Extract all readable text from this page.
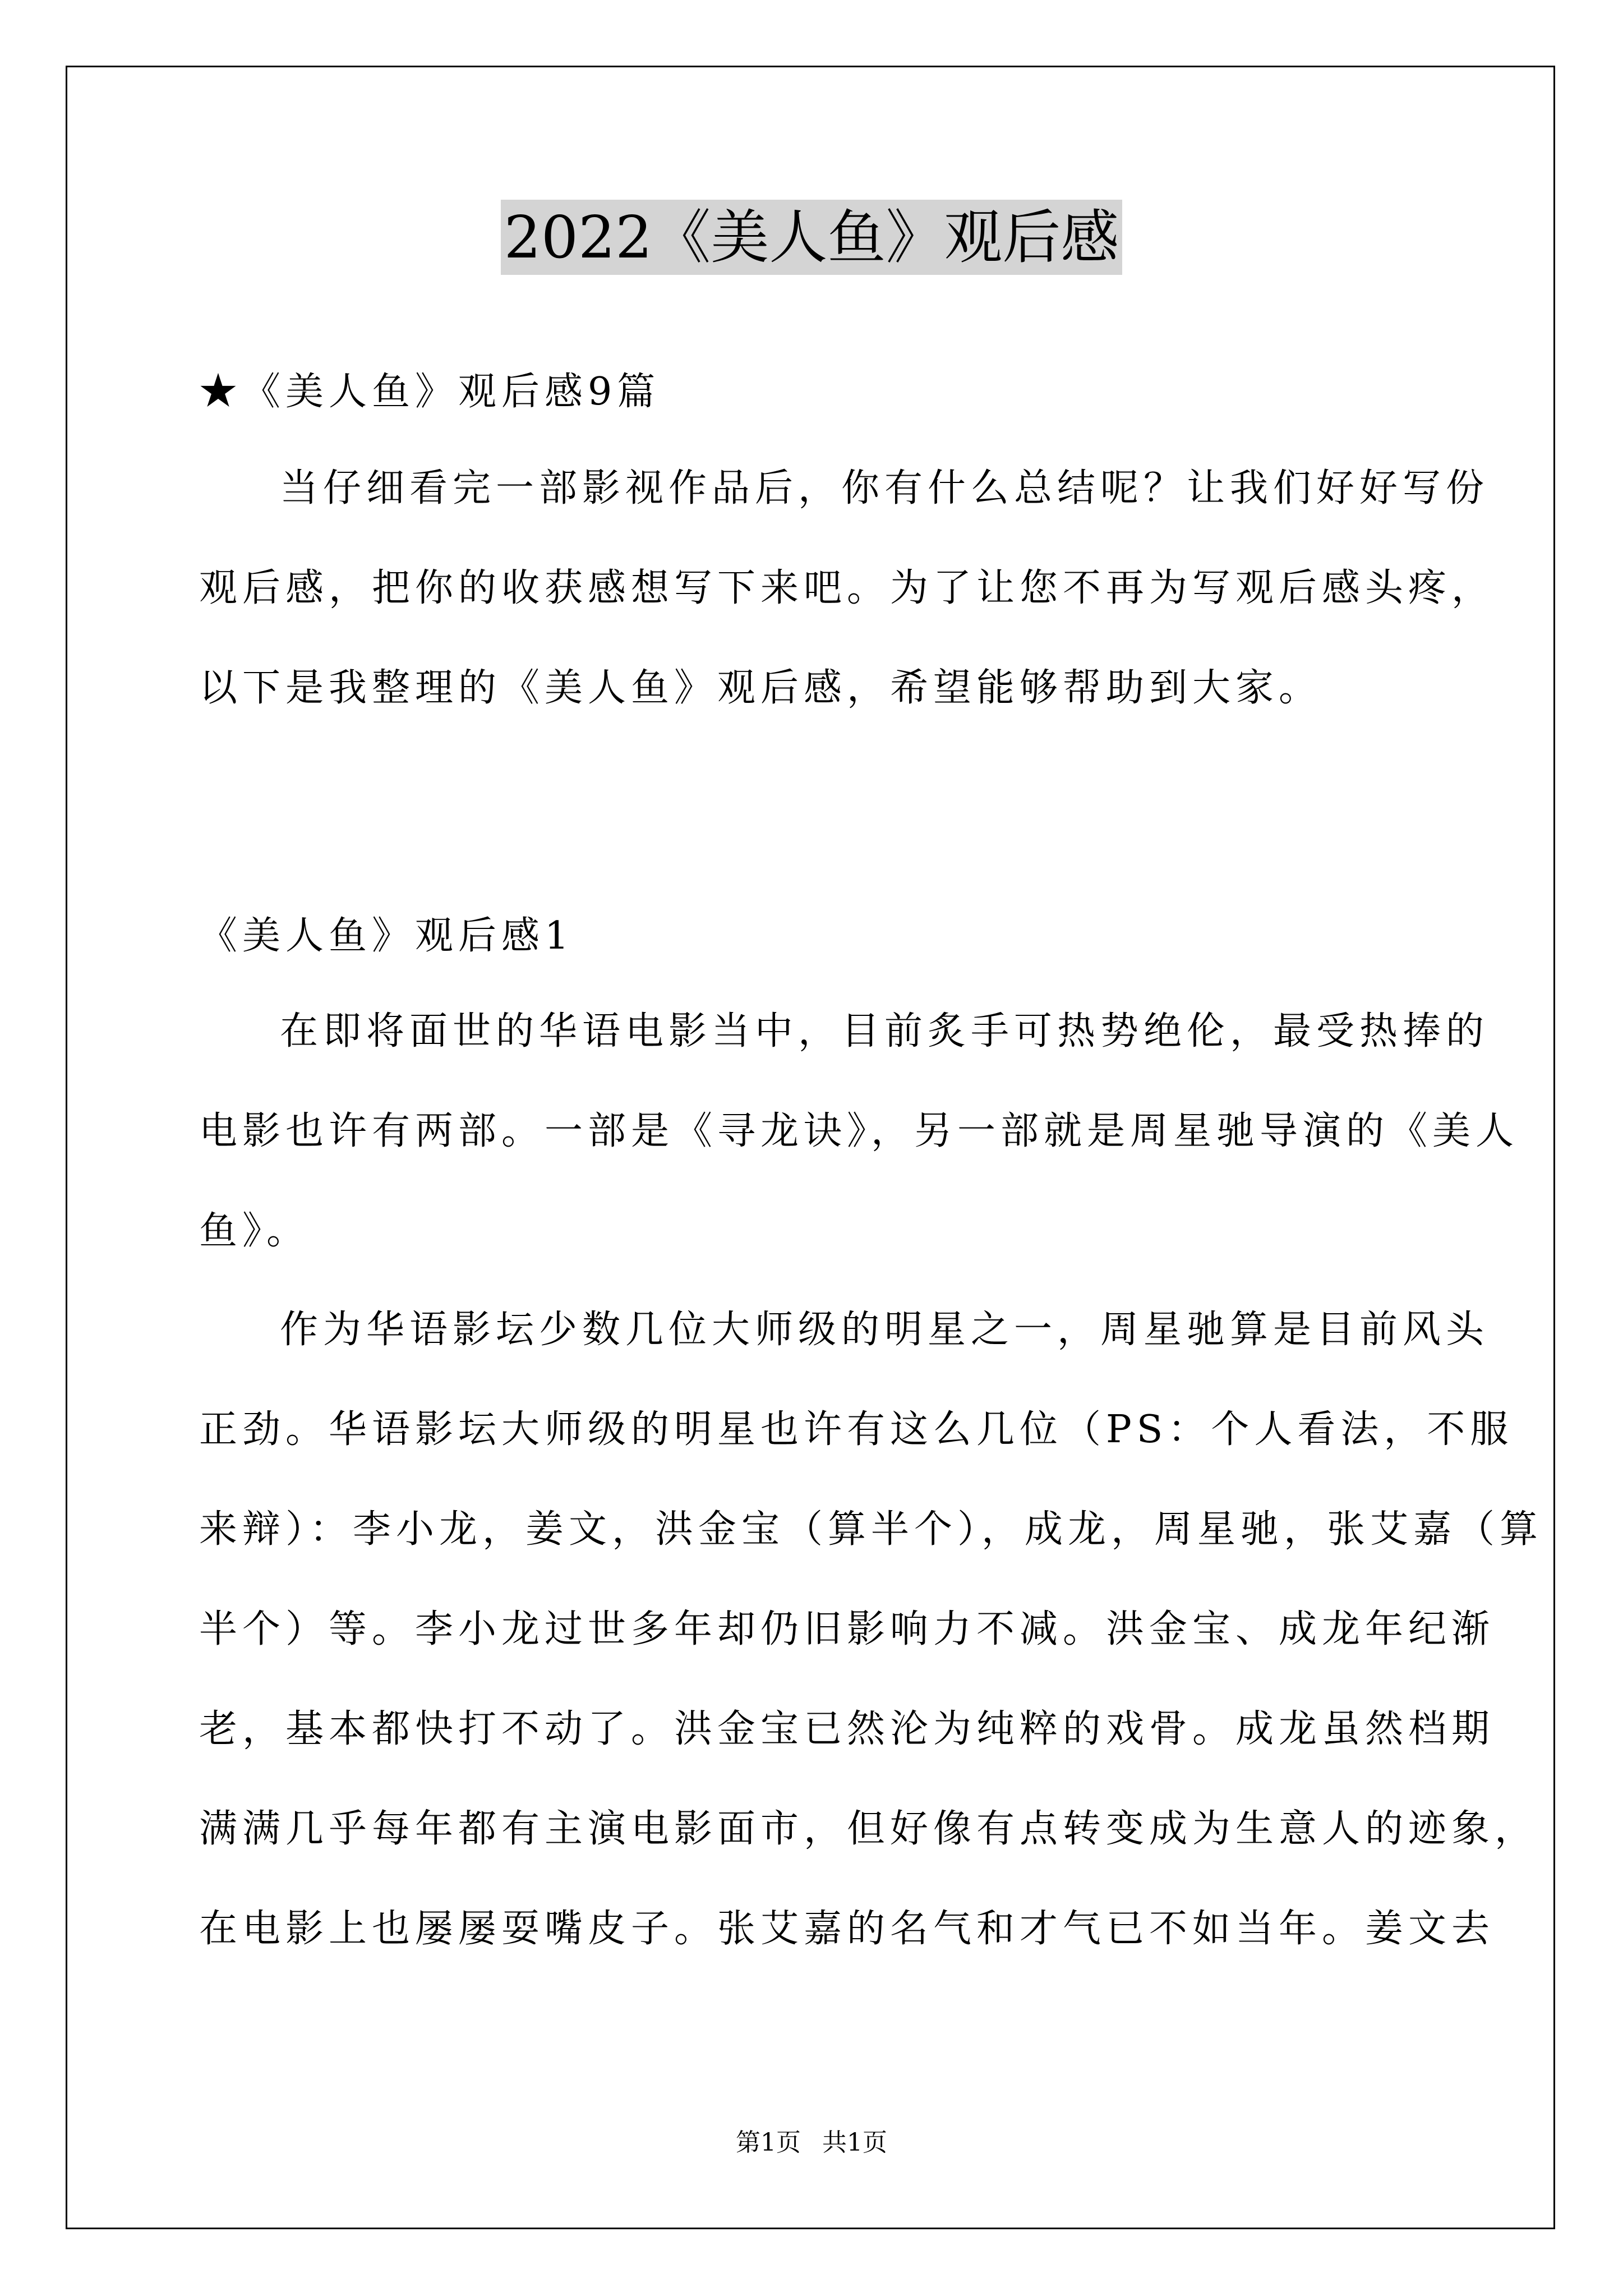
2022《美人鱼》观后感
★《美人鱼》观后感9篇
当仔细看完一部影视作品后，你有什么总结呢？让我们好好写份
观后感，把你的收获感想写下来吧。为了让您不再为写观后感头疼，
以下是我整理的《美人鱼》观后感，希望能够帮助到大家。
《美人鱼》观后感1
在即将面世的华语电影当中，目前炙手可热势绝伦，最受热捧的
电影也许有两部。一部是《寻龙诀》，另一部就是周星驰导演的《美人
鱼》。
作为华语影坛少数几位大师级的明星之一，周星驰算是目前风头
正劲。华语影坛大师级的明星也许有这么几位（PS：个人看法，不服
来辩）：李小龙，姜文，洪金宝（算半个），成龙，周星驰，张艾嘉（算
半个）等。李小龙过世多年却仍旧影响力不减。洪金宝、成龙年纪渐
老，基本都快打不动了。洪金宝已然沦为纯粹的戏骨。成龙虽然档期
满满几乎每年都有主演电影面市，但好像有点转变成为生意人的迹象，
在电影上也屡屡耍嘴皮子。张艾嘉的名气和才气已不如当年。姜文去
第1页 共1页
